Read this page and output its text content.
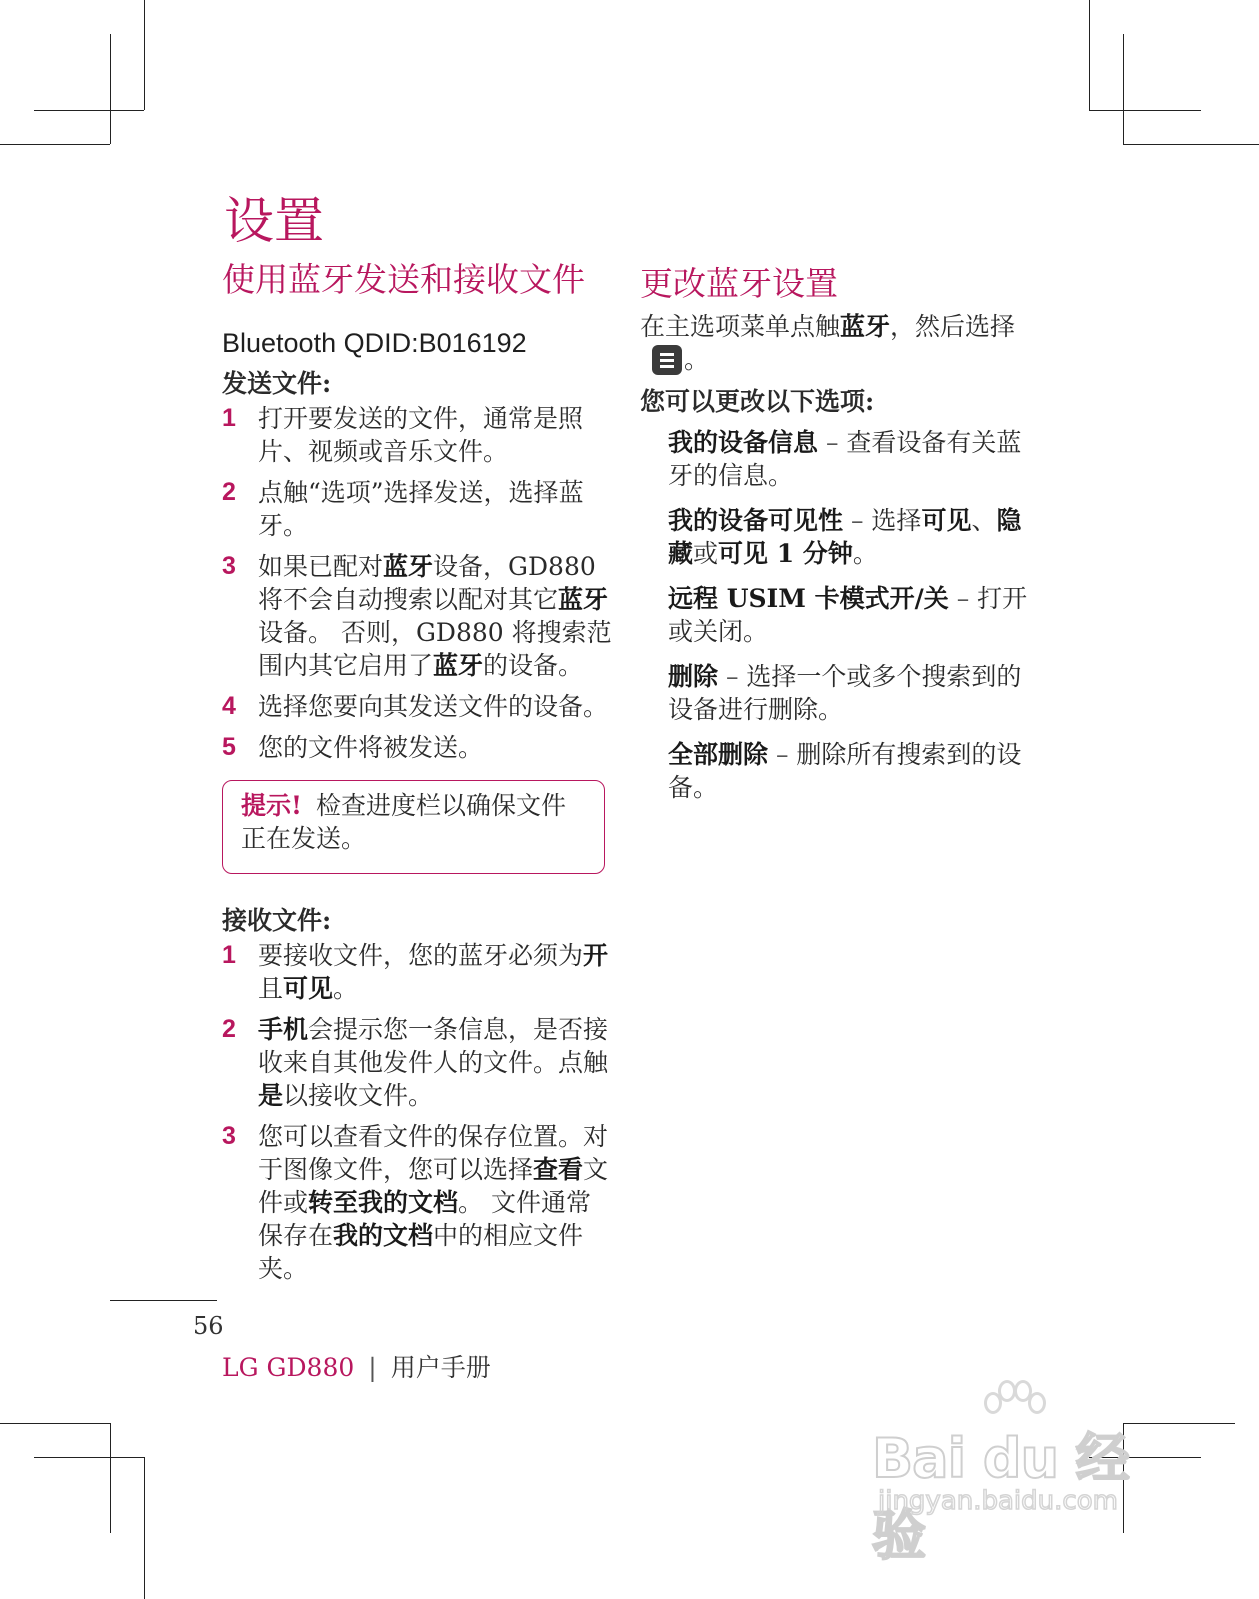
设置
使用蓝牙发送和接收文件 更改蓝牙设置

Bluetooth QDID:B016192

发送文件:

1 打开要发送的文件，通常是照片、视频或音乐文件。
2 点触“选项”选择发送，选择蓝牙。
3 如果已配对蓝牙设备，GD880 将不会自动搜索以配对其它蓝牙设备。 否则，GD880 将搜索范围内其它启用了蓝牙的设备。
4 选择您要向其发送文件的设备。
5 您的文件将被发送。
提示! 检查进度栏以确保文件正在发送。

接收文件:

1 要接收文件，您的蓝牙必须为开且可见。
2 手机会提示您一条信息，是否接收来自其他发件人的文件。点触是以接收文件。
3 您可以查看文件的保存位置。对于图像文件，您可以选择查看文件或转至我的文档。 文件通常保存在我的文档中的相应文件夹。

在主选项菜单点触蓝牙，然后选择
。

您可以更改以下选项:

我的设备信息 – 查看设备有关蓝牙的信息。
我的设备可见性 – 选择可见、隐藏或可见 1 分钟。
远程 USIM 卡模式开/关 – 打开或关闭。
删除 – 选择一个或多个搜索到的设备进行删除。
全部删除 – 删除所有搜索到的设备。
56
LG GD880 | 用户手册
Bai du 经验
jingyan.baidu.com
